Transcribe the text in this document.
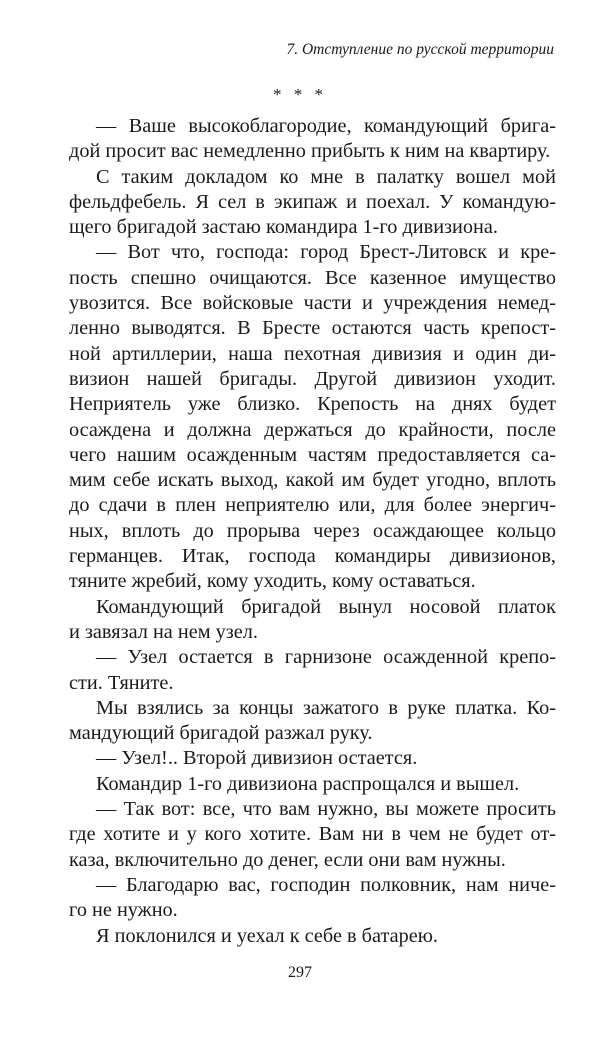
7. Отступление по русской территории
* * *
— Ваше высокоблагородие, командующий брига-
дой просит вас немедленно прибыть к ним на квартиру.
С таким докладом ко мне в палатку вошел мой
фельдфебель. Я сел в экипаж и поехал. У командую-
щего бригадой застаю командира 1-го дивизиона.
— Вот что, господа: город Брест-Литовск и кре-
пость спешно очищаются. Все казенное имущество
увозится. Все войсковые части и учреждения немед-
ленно выводятся. В Бресте остаются часть крепост-
ной артиллерии, наша пехотная дивизия и один ди-
визион нашей бригады. Другой дивизион уходит.
Неприятель уже близко. Крепость на днях будет
осаждена и должна держаться до крайности, после
чего нашим осажденным частям предоставляется са-
мим себе искать выход, какой им будет угодно, вплоть
до сдачи в плен неприятелю или, для более энергич-
ных, вплоть до прорыва через осаждающее кольцо
германцев. Итак, господа командиры дивизионов,
тяните жребий, кому уходить, кому оставаться.
Командующий бригадой вынул носовой платок
и завязал на нем узел.
— Узел остается в гарнизоне осажденной крепо-
сти. Тяните.
Мы взялись за концы зажатого в руке платка. Ко-
мандующий бригадой разжал руку.
— Узел!.. Второй дивизион остается.
Командир 1-го дивизиона распрощался и вышел.
— Так вот: все, что вам нужно, вы можете просить
где хотите и у кого хотите. Вам ни в чем не будет от-
каза, включительно до денег, если они вам нужны.
— Благодарю вас, господин полковник, нам ниче-
го не нужно.
Я поклонился и уехал к себе в батарею.
297
